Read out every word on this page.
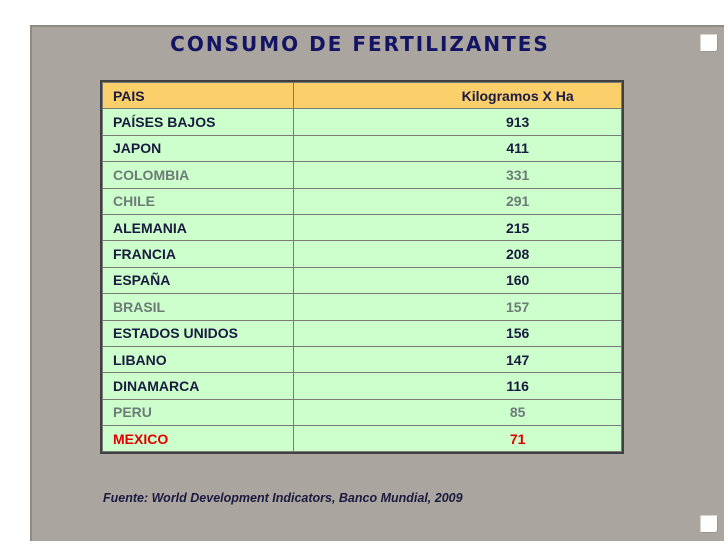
CONSUMO DE FERTILIZANTES
PAIS	Kilogramos X Ha
PAÍSES BAJOS	913
JAPON	411
COLOMBIA	331
CHILE	291
ALEMANIA	215
FRANCIA	208
ESPAÑA	160
BRASIL	157
ESTADOS UNIDOS	156
LIBANO	147
DINAMARCA	116
PERU	85
MEXICO	71
Fuente: World Development Indicators, Banco Mundial, 2009
